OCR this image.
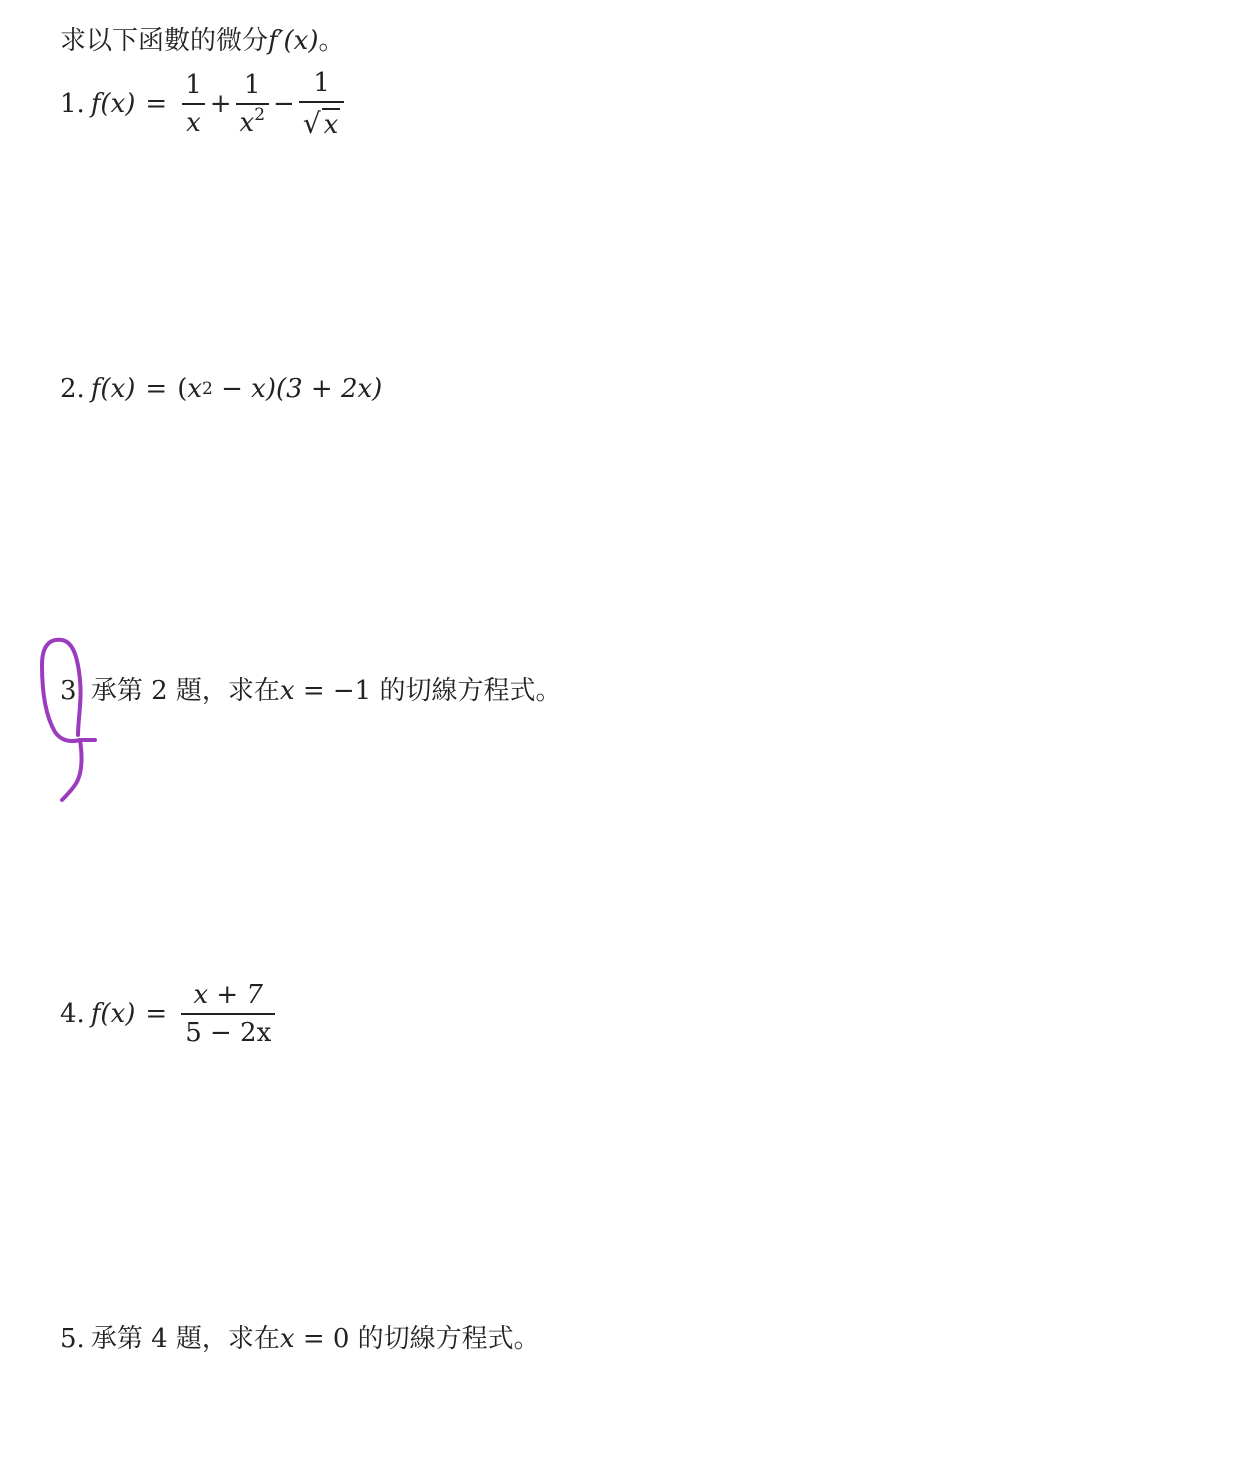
求以下函數的微分 f′(x) 。
1. $f(x) = \frac{1}{x} + \frac{1}{x^2} - \frac{1}{√ x}$
2. f(x) = ( x 2 − x)(3 + 2x)
3. 承第 2 題，求在 x = −1 的切線方程式。
4. $f(x) = \frac{x + 7}{5 - 2x}$
5. 承第 4 題，求在 x = 0 的切線方程式。
